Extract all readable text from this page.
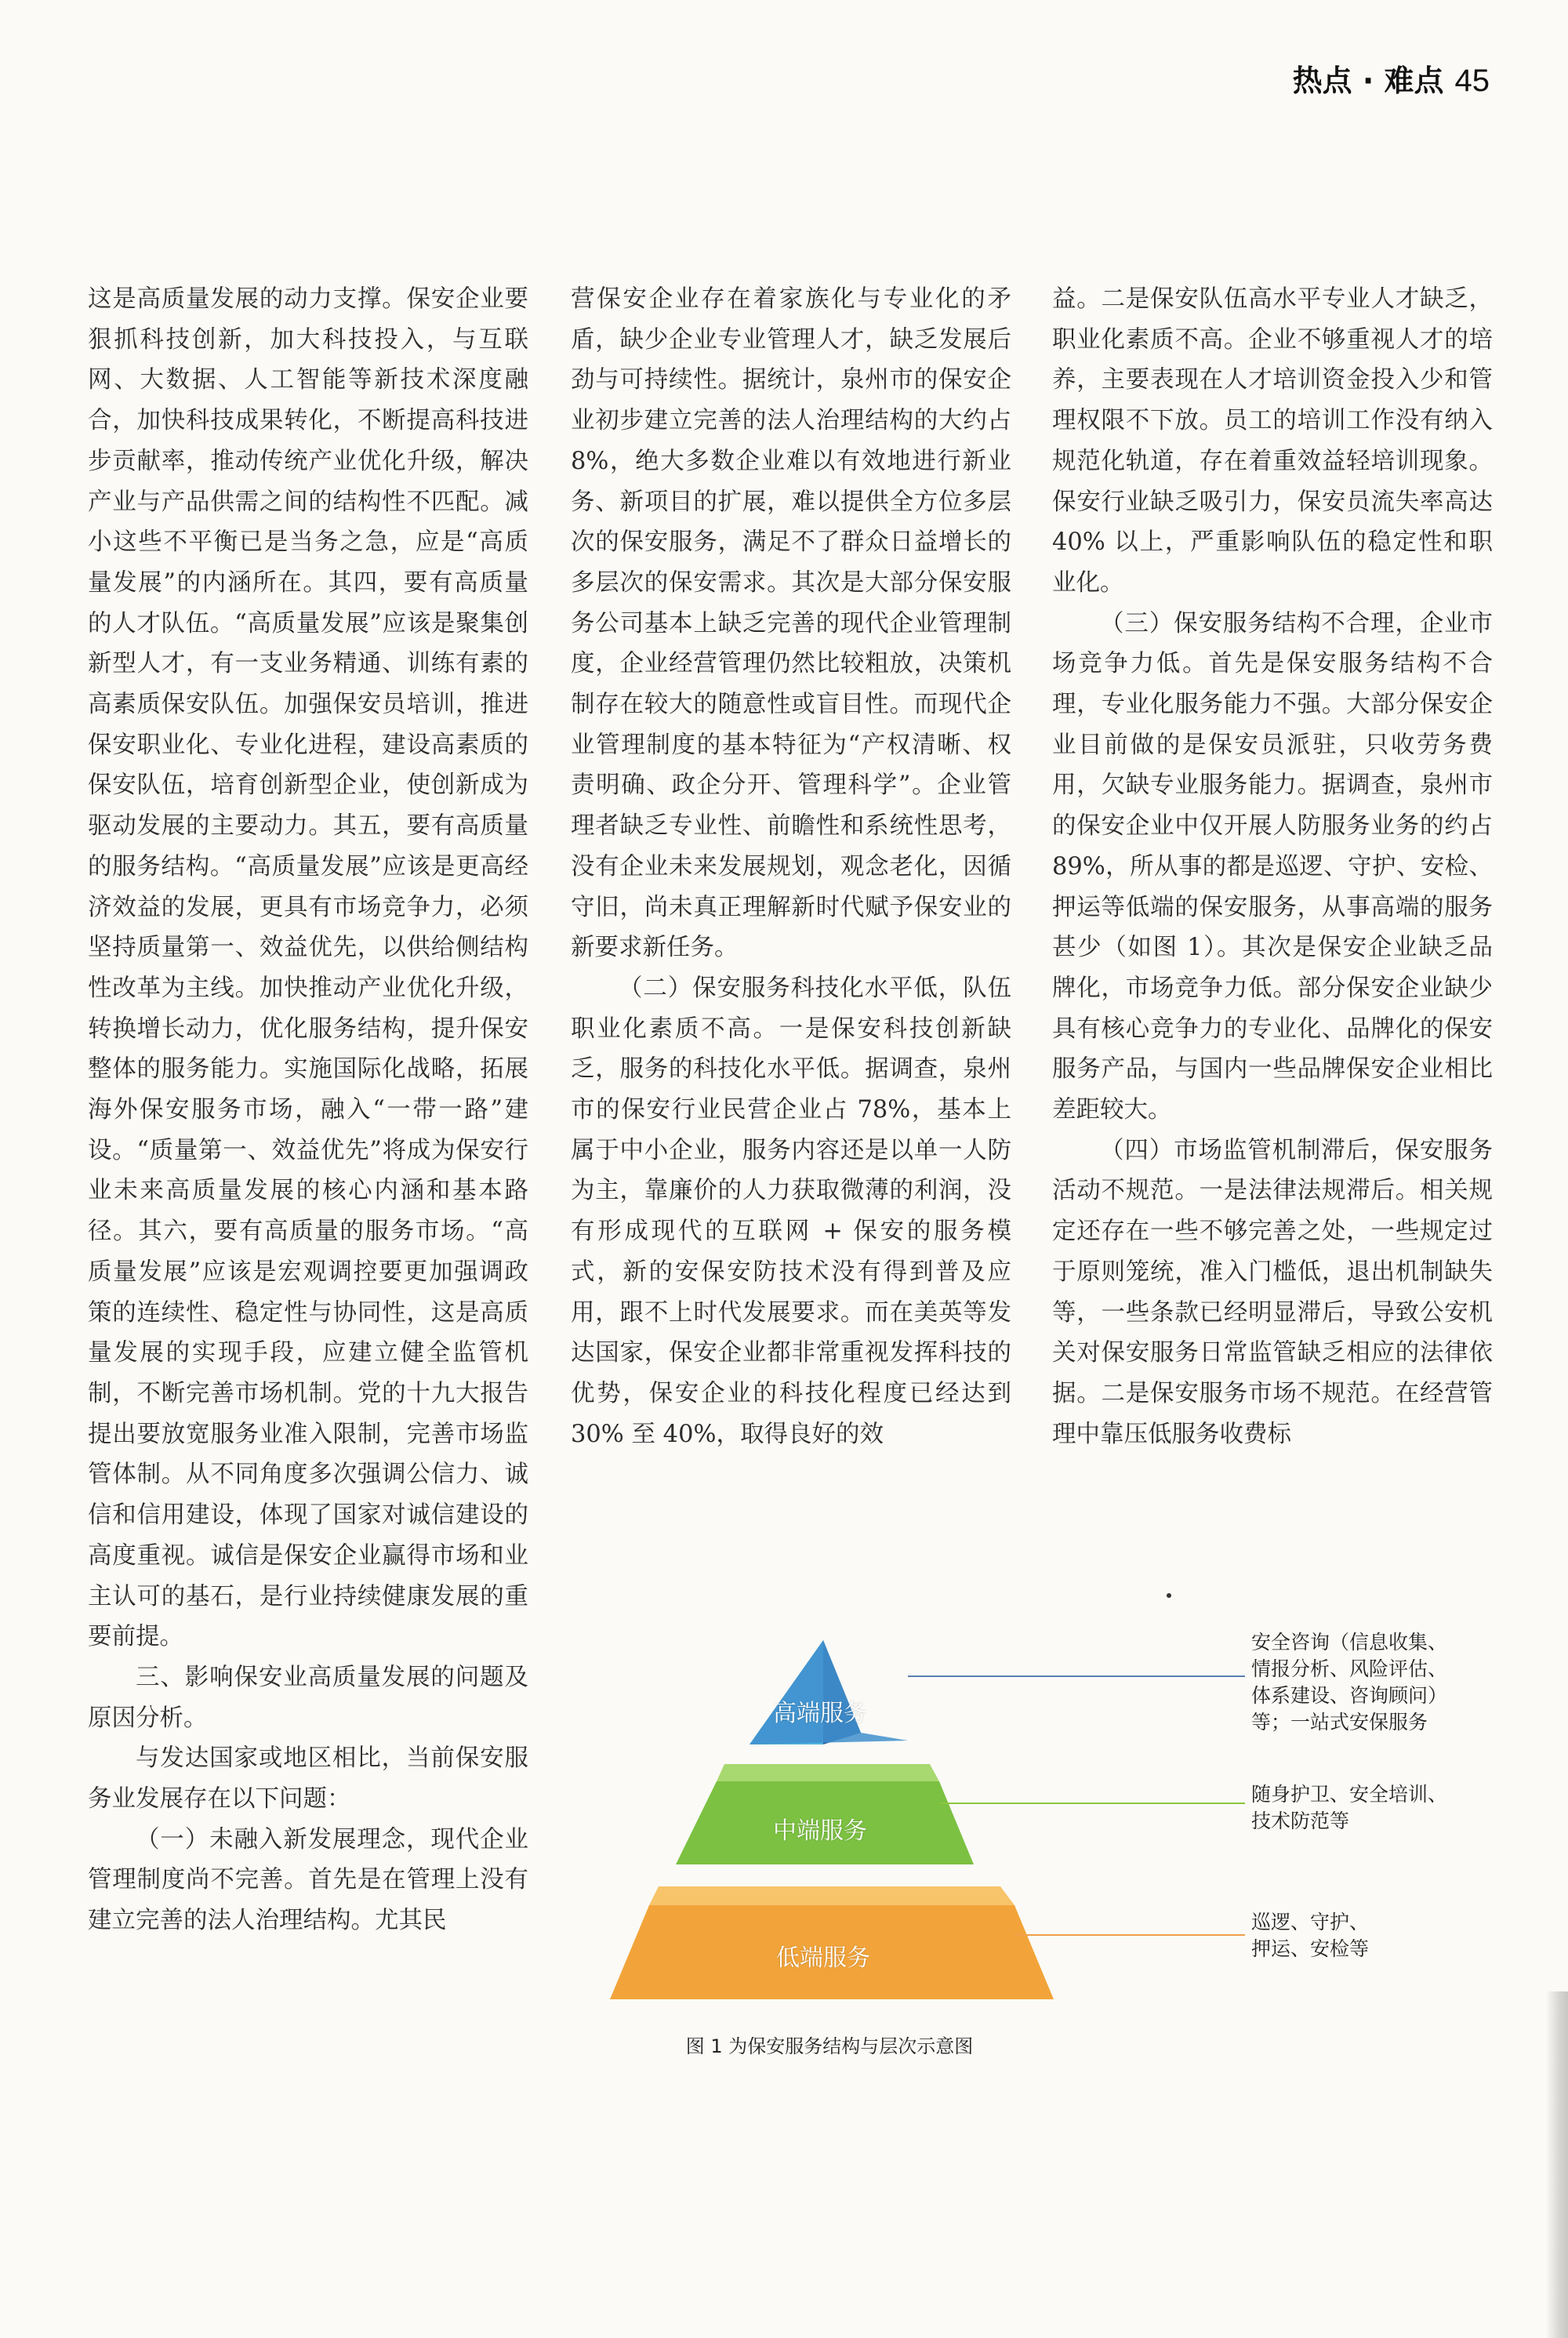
热点 · 难点 45

这是高质量发展的动力支撑。保安企业要狠抓科技创新，加大科技投入，与互联网、大数据、人工智能等新技术深度融合，加快科技成果转化，不断提高科技进步贡献率，推动传统产业优化升级，解决产业与产品供需之间的结构性不匹配。减小这些不平衡已是当务之急，应是“高质量发展”的内涵所在。其四，要有高质量的人才队伍。“高质量发展”应该是聚集创新型人才，有一支业务精通、训练有素的高素质保安队伍。加强保安员培训，推进保安职业化、专业化进程，建设高素质的保安队伍，培育创新型企业，使创新成为驱动发展的主要动力。其五，要有高质量的服务结构。“高质量发展”应该是更高经济效益的发展，更具有市场竞争力，必须坚持质量第一、效益优先，以供给侧结构性改革为主线。加快推动产业优化升级，转换增长动力，优化服务结构，提升保安整体的服务能力。实施国际化战略，拓展海外保安服务市场，融入“一带一路”建设。“质量第一、效益优先”将成为保安行业未来高质量发展的核心内涵和基本路径。其六，要有高质量的服务市场。“高质量发展”应该是宏观调控要更加强调政策的连续性、稳定性与协同性，这是高质量发展的实现手段，应建立健全监管机制，不断完善市场机制。党的十九大报告提出要放宽服务业准入限制，完善市场监管体制。从不同角度多次强调公信力、诚信和信用建设，体现了国家对诚信建设的高度重视。诚信是保安企业赢得市场和业主认可的基石，是行业持续健康发展的重要前提。

三、影响保安业高质量发展的问题及原因分析。

与发达国家或地区相比，当前保安服务业发展存在以下问题：

（一）未融入新发展理念，现代企业管理制度尚不完善。首先是在管理上没有建立完善的法人治理结构。尤其民

营保安企业存在着家族化与专业化的矛盾，缺少企业专业管理人才，缺乏发展后劲与可持续性。据统计，泉州市的保安企业初步建立完善的法人治理结构的大约占 8%，绝大多数企业难以有效地进行新业务、新项目的扩展，难以提供全方位多层次的保安服务，满足不了群众日益增长的多层次的保安需求。其次是大部分保安服务公司基本上缺乏完善的现代企业管理制度，企业经营管理仍然比较粗放，决策机制存在较大的随意性或盲目性。而现代企业管理制度的基本特征为“产权清晰、权责明确、政企分开、管理科学”。企业管理者缺乏专业性、前瞻性和系统性思考，没有企业未来发展规划，观念老化，因循守旧，尚未真正理解新时代赋予保安业的新要求新任务。

（二）保安服务科技化水平低，队伍职业化素质不高。一是保安科技创新缺乏，服务的科技化水平低。据调查，泉州市的保安行业民营企业占 78%，基本上属于中小企业，服务内容还是以单一人防为主，靠廉价的人力获取微薄的利润，没有形成现代的互联网 + 保安的服务模式，新的安保安防技术没有得到普及应用，跟不上时代发展要求。而在美英等发达国家，保安企业都非常重视发挥科技的优势，保安企业的科技化程度已经达到 30% 至 40%，取得良好的效

益。二是保安队伍高水平专业人才缺乏，职业化素质不高。企业不够重视人才的培养，主要表现在人才培训资金投入少和管理权限不下放。员工的培训工作没有纳入规范化轨道，存在着重效益轻培训现象。保安行业缺乏吸引力，保安员流失率高达 40% 以上，严重影响队伍的稳定性和职业化。

（三）保安服务结构不合理，企业市场竞争力低。首先是保安服务结构不合理，专业化服务能力不强。大部分保安企业目前做的是保安员派驻，只收劳务费用，欠缺专业服务能力。据调查，泉州市的保安企业中仅开展人防服务业务的约占 89%，所从事的都是巡逻、守护、安检、押运等低端的保安服务，从事高端的服务甚少（如图 1）。其次是保安企业缺乏品牌化，市场竞争力低。部分保安企业缺少具有核心竞争力的专业化、品牌化的保安服务产品，与国内一些品牌保安企业相比差距较大。

（四）市场监管机制滞后，保安服务活动不规范。一是法律法规滞后。相关规定还存在一些不够完善之处，一些规定过于原则笼统，准入门槛低，退出机制缺失等，一些条款已经明显滞后，导致公安机关对保安服务日常监管缺乏相应的法律依据。二是保安服务市场不规范。在经营管理中靠压低服务收费标

高端服务
中端服务
低端服务
安全咨询（信息收集、
情报分析、风险评估、
体系建设、咨询顾问）
等；一站式安保服务
随身护卫、安全培训、
技术防范等
巡逻、守护、
押运、安检等
图 1 为保安服务结构与层次示意图
